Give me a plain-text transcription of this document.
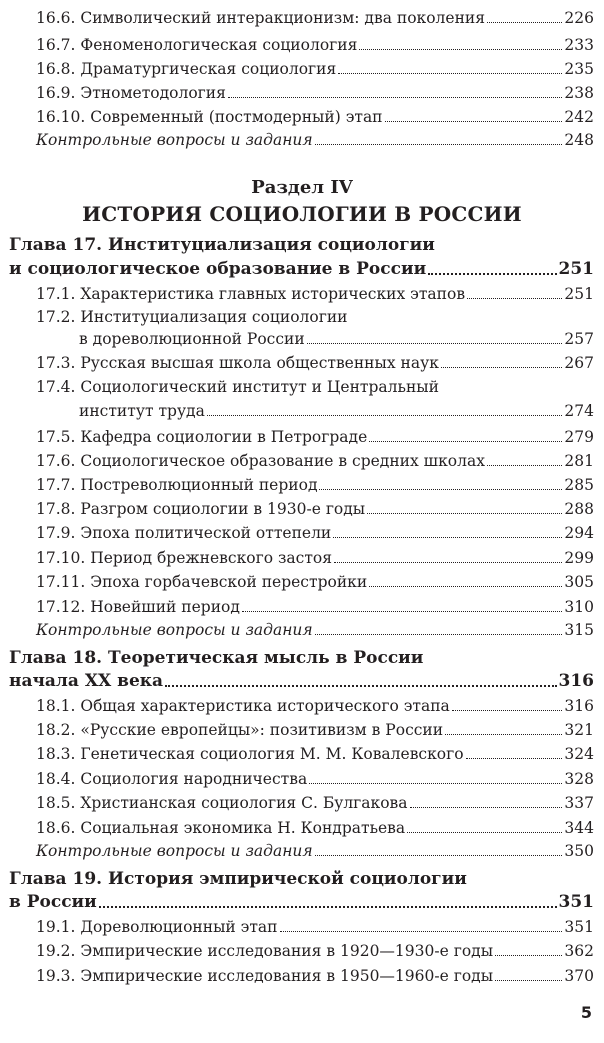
16.6. Символический интеракционизм: два поколения	226
16.7. Феноменологическая социология	233
16.8. Драматургическая социология	235
16.9. Этнометодология	238
16.10. Современный (постмодерный) этап	242
Контрольные вопросы и задания	248
Раздел IV
ИСТОРИЯ СОЦИОЛОГИИ В РОССИИ
Глава 17. Институциализация социологии
и социологическое образование в России	251
17.1. Характеристика главных исторических этапов	251
17.2. Институциализация социологии
в дореволюционной России	257
17.3. Русская высшая школа общественных наук	267
17.4. Социологический институт и Центральный
институт труда	274
17.5. Кафедра социологии в Петрограде	279
17.6. Социологическое образование в средних школах	281
17.7. Постреволюционный период	285
17.8. Разгром социологии в 1930-е годы	288
17.9. Эпоха политической оттепели	294
17.10. Период брежневского застоя	299
17.11. Эпоха горбачевской перестройки	305
17.12. Новейший период	310
Контрольные вопросы и задания	315
Глава 18. Теоретическая мысль в России
начала XX века	316
18.1. Общая характеристика исторического этапа	316
18.2. «Русские европейцы»: позитивизм в России	321
18.3. Генетическая социология М. М. Ковалевского	324
18.4. Социология народничества	328
18.5. Христианская социология С. Булгакова	337
18.6. Социальная экономика Н. Кондратьева	344
Контрольные вопросы и задания	350
Глава 19. История эмпирической социологии
в России	351
19.1. Дореволюционный этап	351
19.2. Эмпирические исследования в 1920—1930-е годы	362
19.3. Эмпирические исследования в 1950—1960-е годы	370
5
